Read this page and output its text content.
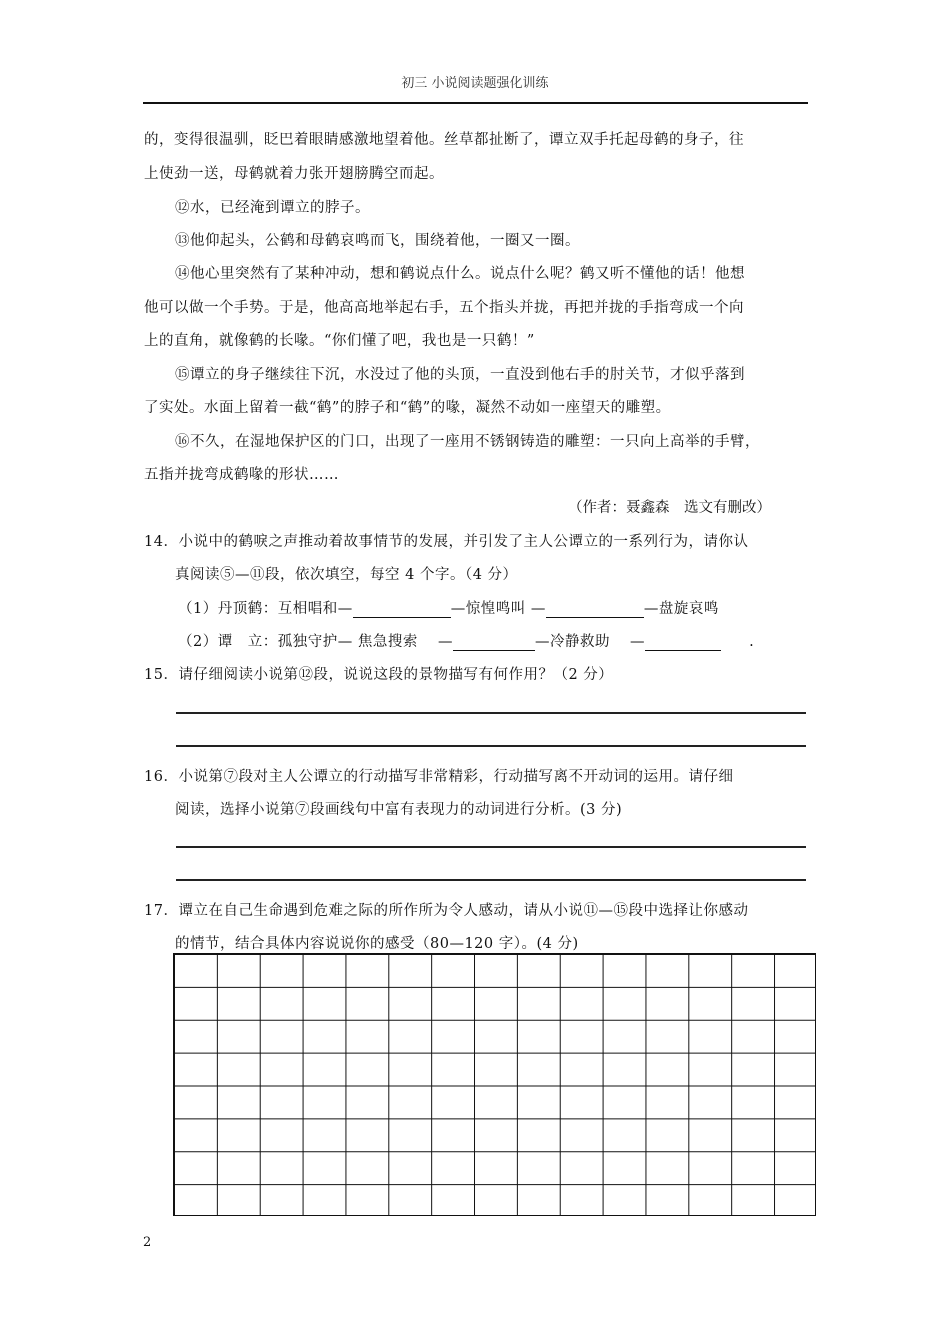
初三 小说阅读题强化训练
的，变得很温驯，眨巴着眼睛感激地望着他。丝草都扯断了，谭立双手托起母鹤的身子，往
上使劲一送，母鹤就着力张开翅膀腾空而起。
⑫水，已经淹到谭立的脖子。
⑬他仰起头，公鹤和母鹤哀鸣而飞，围绕着他，一圈又一圈。
⑭他心里突然有了某种冲动，想和鹤说点什么。说点什么呢？鹤又听不懂他的话！他想
他可以做一个手势。于是，他高高地举起右手，五个指头并拢，再把并拢的手指弯成一个向
上的直角，就像鹤的长喙。“你们懂了吧，我也是一只鹤！”
⑮谭立的身子继续往下沉，水没过了他的头顶，一直没到他右手的肘关节，才似乎落到
了实处。水面上留着一截“鹤”的脖子和“鹤”的喙，凝然不动如一座望天的雕塑。
⑯不久，在湿地保护区的门口，出现了一座用不锈钢铸造的雕塑：一只向上高举的手臂，
五指并拢弯成鹤喙的形状……
（作者：聂鑫森　选文有删改）
14．小说中的鹤唳之声推动着故事情节的发展，并引发了主人公谭立的一系列行为，请你认
真阅读⑤—⑪段，依次填空，每空 4 个字。（4 分）
（1）丹顶鹤：互相唱和—	—惊惶鸣叫 —	—盘旋哀鸣
（2）谭　立：孤独守护— 焦急搜索　 —	—冷静救助　 —	.
15．请仔细阅读小说第⑫段，说说这段的景物描写有何作用？（2 分）
16．小说第⑦段对主人公谭立的行动描写非常精彩，行动描写离不开动词的运用。请仔细
阅读，选择小说第⑦段画线句中富有表现力的动词进行分析。(3 分)
17．谭立在自己生命遇到危难之际的所作所为令人感动，请从小说⑪—⑮段中选择让你感动
的情节，结合具体内容说说你的感受（80—120 字）。(4 分)
2
